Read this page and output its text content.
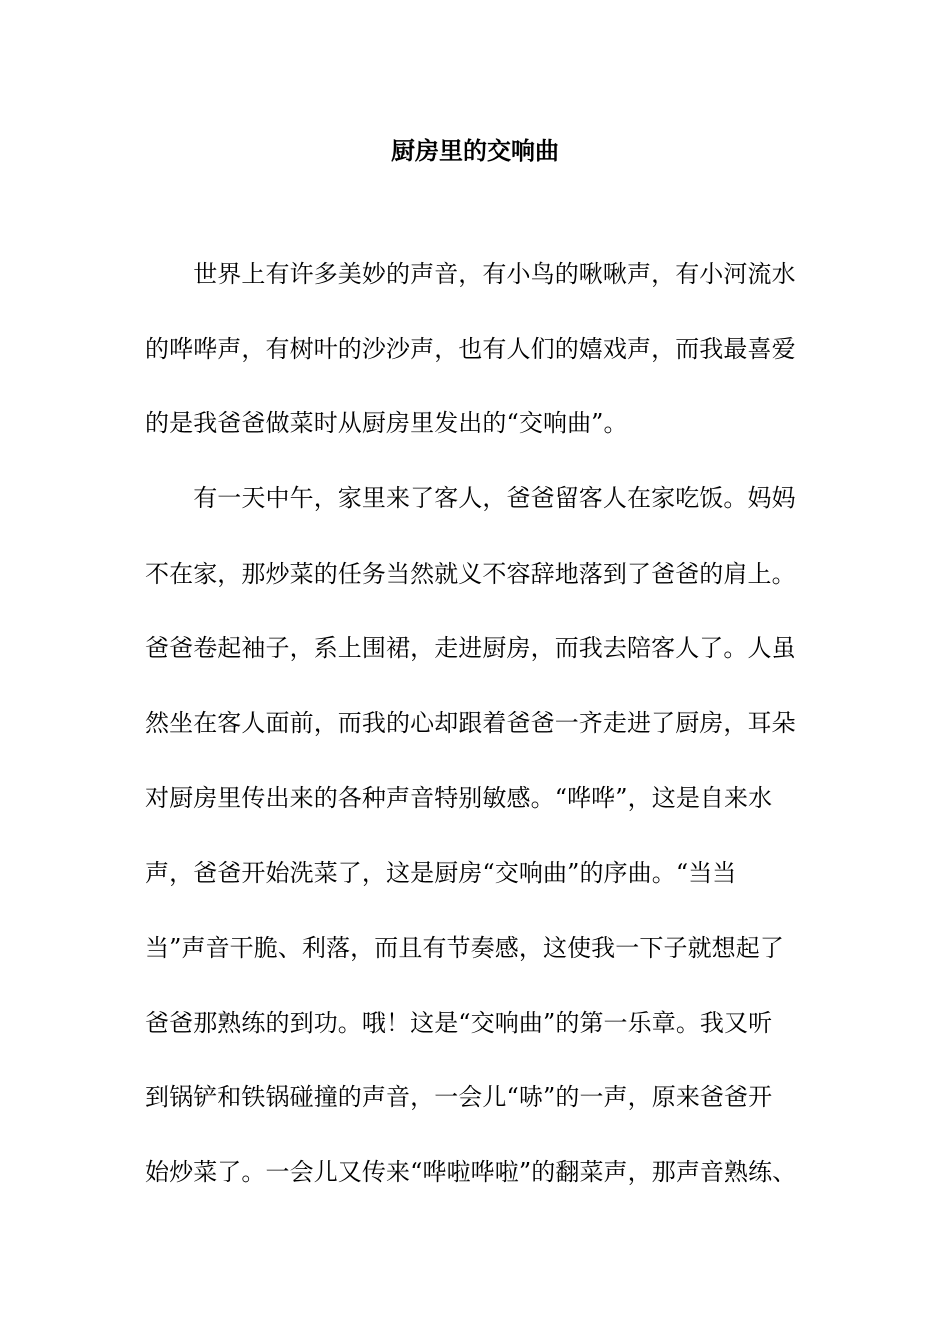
厨房里的交响曲
　　世界上有许多美妙的声音，有小鸟的啾啾声，有小河流水
的哗哗声，有树叶的沙沙声，也有人们的嬉戏声，而我最喜爱
的是我爸爸做菜时从厨房里发出的“交响曲”。
　　有一天中午，家里来了客人，爸爸留客人在家吃饭。妈妈
不在家，那炒菜的任务当然就义不容辞地落到了爸爸的肩上。
爸爸卷起袖子，系上围裙，走进厨房，而我去陪客人了。人虽
然坐在客人面前，而我的心却跟着爸爸一齐走进了厨房，耳朵
对厨房里传出来的各种声音特别敏感。“哗哗”，这是自来水
声，爸爸开始洗菜了，这是厨房“交响曲”的序曲。“当当
当”声音干脆、利落，而且有节奏感，这使我一下子就想起了
爸爸那熟练的到功。哦！这是“交响曲”的第一乐章。我又听
到锅铲和铁锅碰撞的声音，一会儿“哧”的一声，原来爸爸开
始炒菜了。一会儿又传来“哗啦哗啦”的翻菜声，那声音熟练、
